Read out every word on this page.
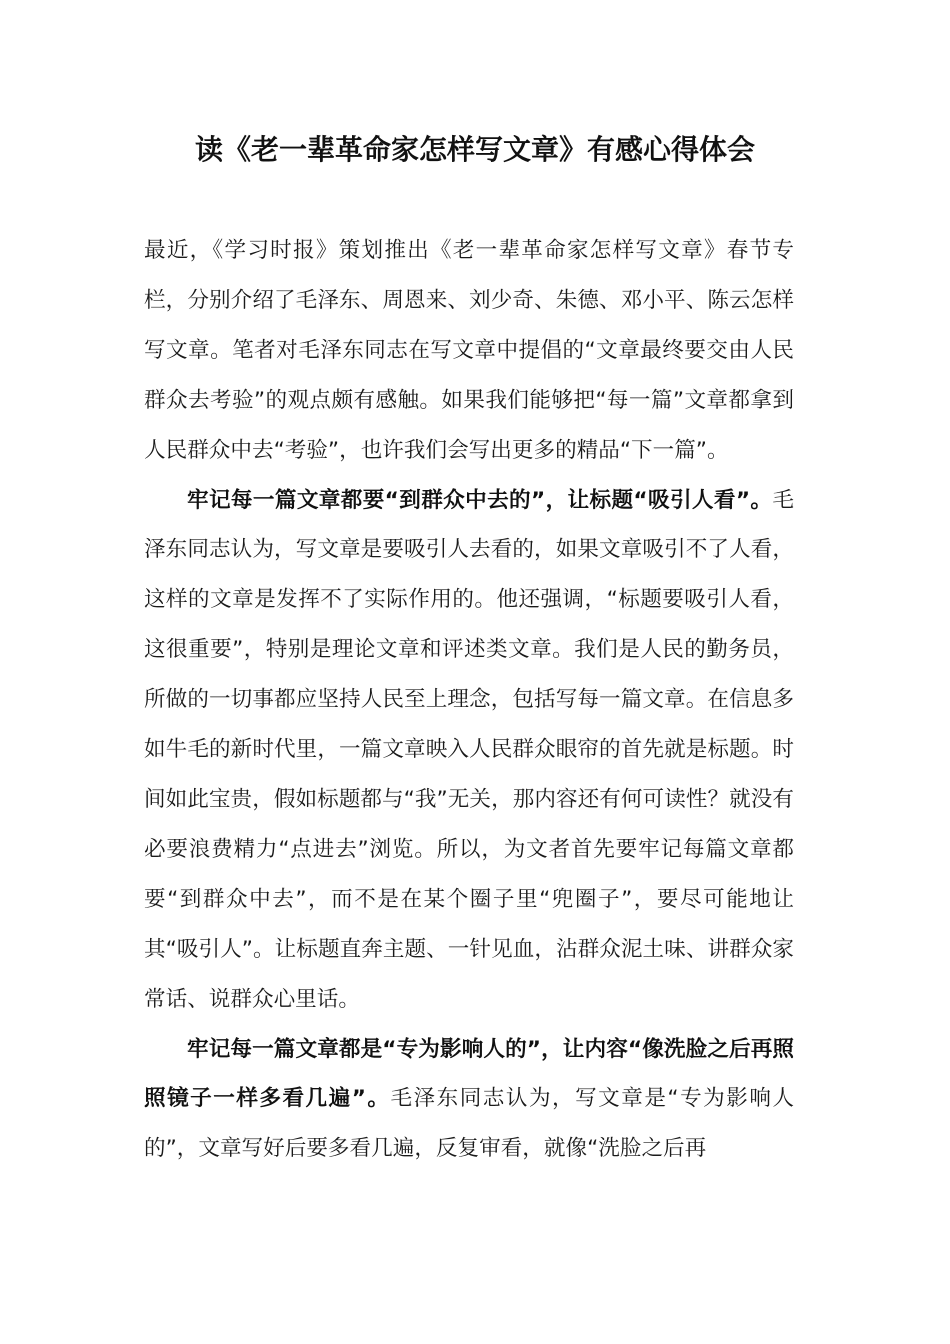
读《老一辈革命家怎样写文章》有感心得体会

最近，《学习时报》策划推出《老一辈革命家怎样写文章》春节专栏，分别介绍了毛泽东、周恩来、刘少奇、朱德、邓小平、陈云怎样写文章。笔者对毛泽东同志在写文章中提倡的“文章最终要交由人民群众去考验”的观点颇有感触。如果我们能够把“每一篇”文章都拿到人民群众中去“考验”，也许我们会写出更多的精品“下一篇”。

牢记每一篇文章都要“到群众中去的”，让标题“吸引人看”。毛泽东同志认为，写文章是要吸引人去看的，如果文章吸引不了人看，这样的文章是发挥不了实际作用的。他还强调，“标题要吸引人看，这很重要”，特别是理论文章和评述类文章。我们是人民的勤务员，所做的一切事都应坚持人民至上理念，包括写每一篇文章。在信息多如牛毛的新时代里，一篇文章映入人民群众眼帘的首先就是标题。时间如此宝贵，假如标题都与“我”无关，那内容还有何可读性？就没有必要浪费精力“点进去”浏览。所以，为文者首先要牢记每篇文章都要“到群众中去”，而不是在某个圈子里“兜圈子”，要尽可能地让其“吸引人”。让标题直奔主题、一针见血，沾群众泥土味、讲群众家常话、说群众心里话。

牢记每一篇文章都是“专为影响人的”，让内容“像洗脸之后再照照镜子一样多看几遍”。毛泽东同志认为，写文章是“专为影响人的”，文章写好后要多看几遍，反复审看，就像“洗脸之后再
